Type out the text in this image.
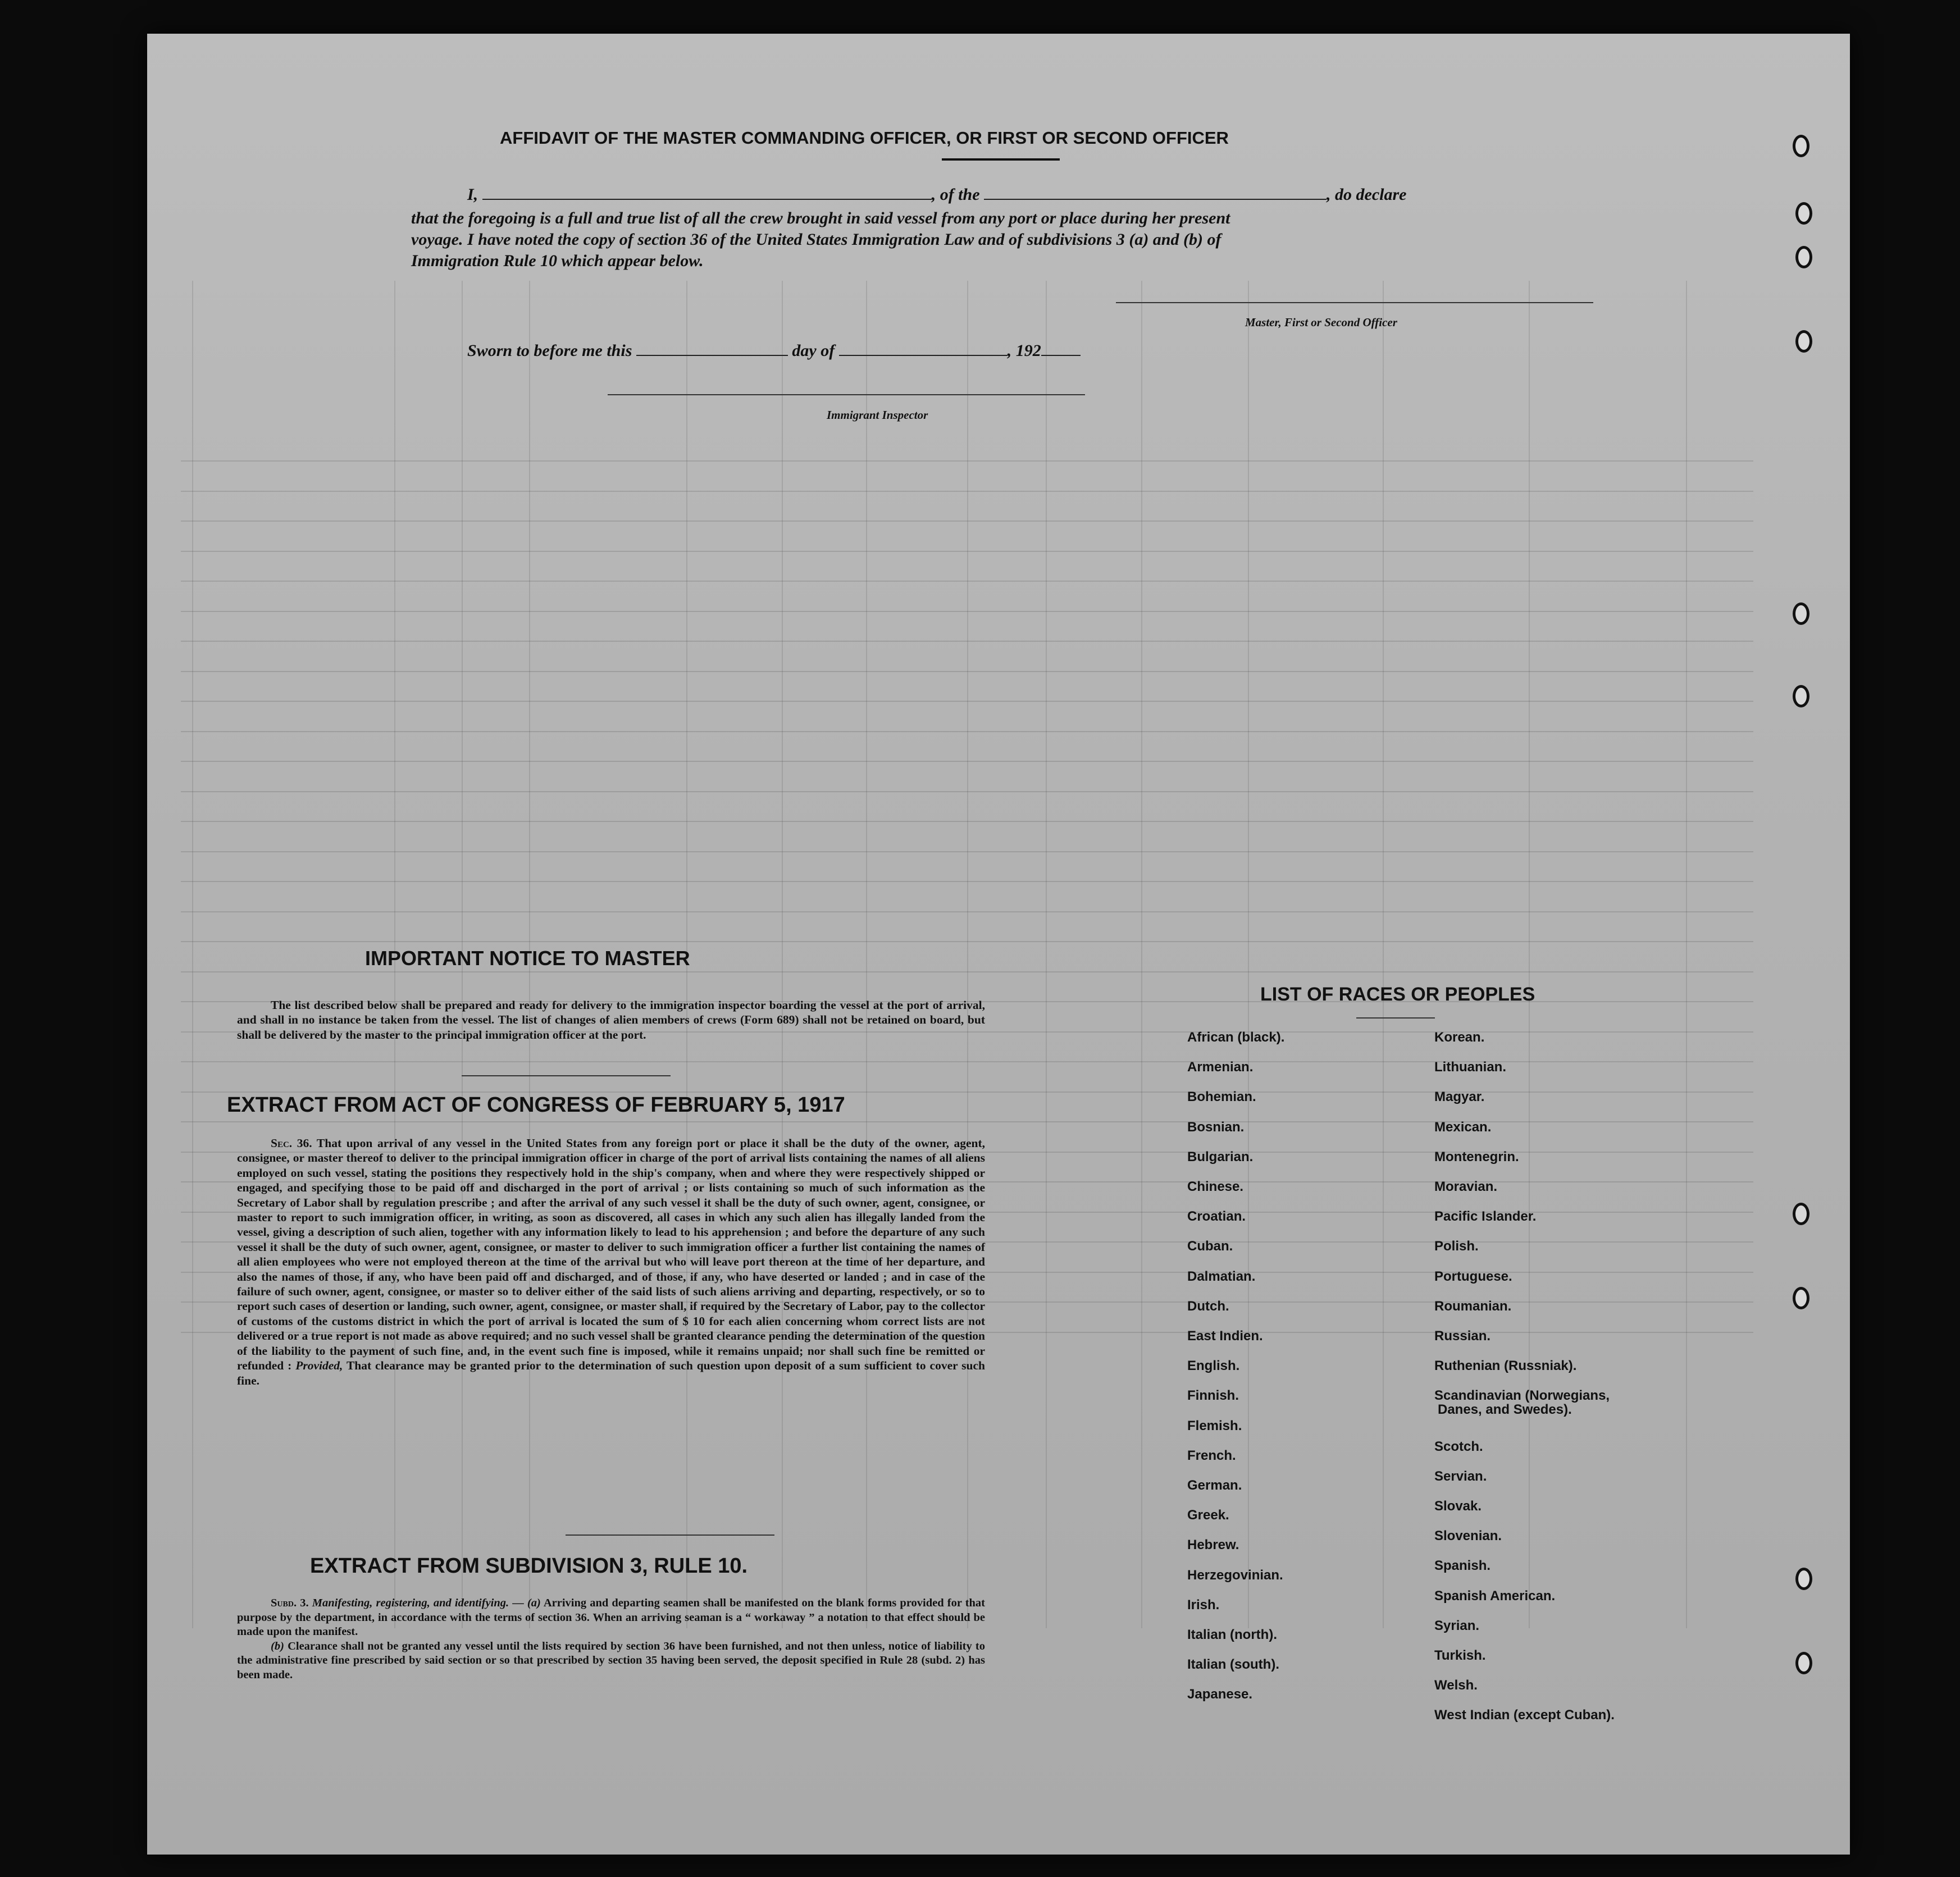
AFFIDAVIT OF THE MASTER COMMANDING OFFICER, OR FIRST OR SECOND OFFICER
I,	, of the	, do declare
that the foregoing is a full and true list of all the crew brought in said vessel from any port or place during her present
voyage. I have noted the copy of section 36 of the United States Immigration Law and of subdivisions 3 (a) and (b) of
Immigration Rule 10 which appear below.
Master, First or Second Officer
Sworn to before me this	day of	, 192
Immigrant Inspector
IMPORTANT NOTICE TO MASTER

The list described below shall be prepared and ready for delivery to the immigration inspector boarding the vessel at the port of arrival, and shall in no instance be taken from the vessel. The list of changes of alien members of crews (Form 689) shall not be retained on board, but shall be delivered by the master to the principal immigration officer at the port.

EXTRACT FROM ACT OF CONGRESS OF FEBRUARY 5, 1917

Sec. 36. That upon arrival of any vessel in the United States from any foreign port or place it shall be the duty of the owner, agent, consignee, or master thereof to deliver to the principal immigration officer in charge of the port of arrival lists containing the names of all aliens employed on such vessel, stating the positions they respectively hold in the ship's company, when and where they were respectively shipped or engaged, and specifying those to be paid off and discharged in the port of arrival ; or lists containing so much of such information as the Secretary of Labor shall by regulation prescribe ; and after the arrival of any such vessel it shall be the duty of such owner, agent, consignee, or master to report to such immigration officer, in writing, as soon as discovered, all cases in which any such alien has illegally landed from the vessel, giving a description of such alien, together with any information likely to lead to his apprehension ; and before the departure of any such vessel it shall be the duty of such owner, agent, consignee, or master to deliver to such immigration officer a further list containing the names of all alien employees who were not employed thereon at the time of the arrival but who will leave port thereon at the time of her departure, and also the names of those, if any, who have been paid off and discharged, and of those, if any, who have deserted or landed ; and in case of the failure of such owner, agent, consignee, or master so to deliver either of the said lists of such aliens arriving and departing, respectively, or so to report such cases of desertion or landing, such owner, agent, consignee, or master shall, if required by the Secretary of Labor, pay to the collector of customs of the customs district in which the port of arrival is located the sum of $ 10 for each alien concerning whom correct lists are not delivered or a true report is not made as above required; and no such vessel shall be granted clearance pending the determination of the question of the liability to the payment of such fine, and, in the event such fine is imposed, while it remains unpaid; nor shall such fine be remitted or refunded : Provided, That clearance may be granted prior to the determination of such question upon deposit of a sum sufficient to cover such fine.

EXTRACT FROM SUBDIVISION 3, RULE 10.

Subd. 3. Manifesting, registering, and identifying. — (a) Arriving and departing seamen shall be manifested on the blank forms provided for that purpose by the department, in accordance with the terms of section 36. When an arriving seaman is a “ workaway ” a notation to that effect should be made upon the manifest.

(b) Clearance shall not be granted any vessel until the lists required by section 36 have been furnished, and not then unless, notice of liability to the administrative fine prescribed by said section or so that prescribed by section 35 having been served, the deposit specified in Rule 28 (subd. 2) has been made.

LIST OF RACES OR PEOPLES
African (black).
Armenian.
Bohemian.
Bosnian.
Bulgarian.
Chinese.
Croatian.
Cuban.
Dalmatian.
Dutch.
East Indien.
English.
Finnish.
Flemish.
French.
German.
Greek.
Hebrew.
Herzegovinian.
Irish.
Italian (north).
Italian (south).
Japanese.
Korean.
Lithuanian.
Magyar.
Mexican.
Montenegrin.
Moravian.
Pacific Islander.
Polish.
Portuguese.
Roumanian.
Russian.
Ruthenian (Russniak).
Scandinavian (Norwegians,
Danes, and Swedes).
Scotch.
Servian.
Slovak.
Slovenian.
Spanish.
Spanish American.
Syrian.
Turkish.
Welsh.
West Indian (except Cuban).
